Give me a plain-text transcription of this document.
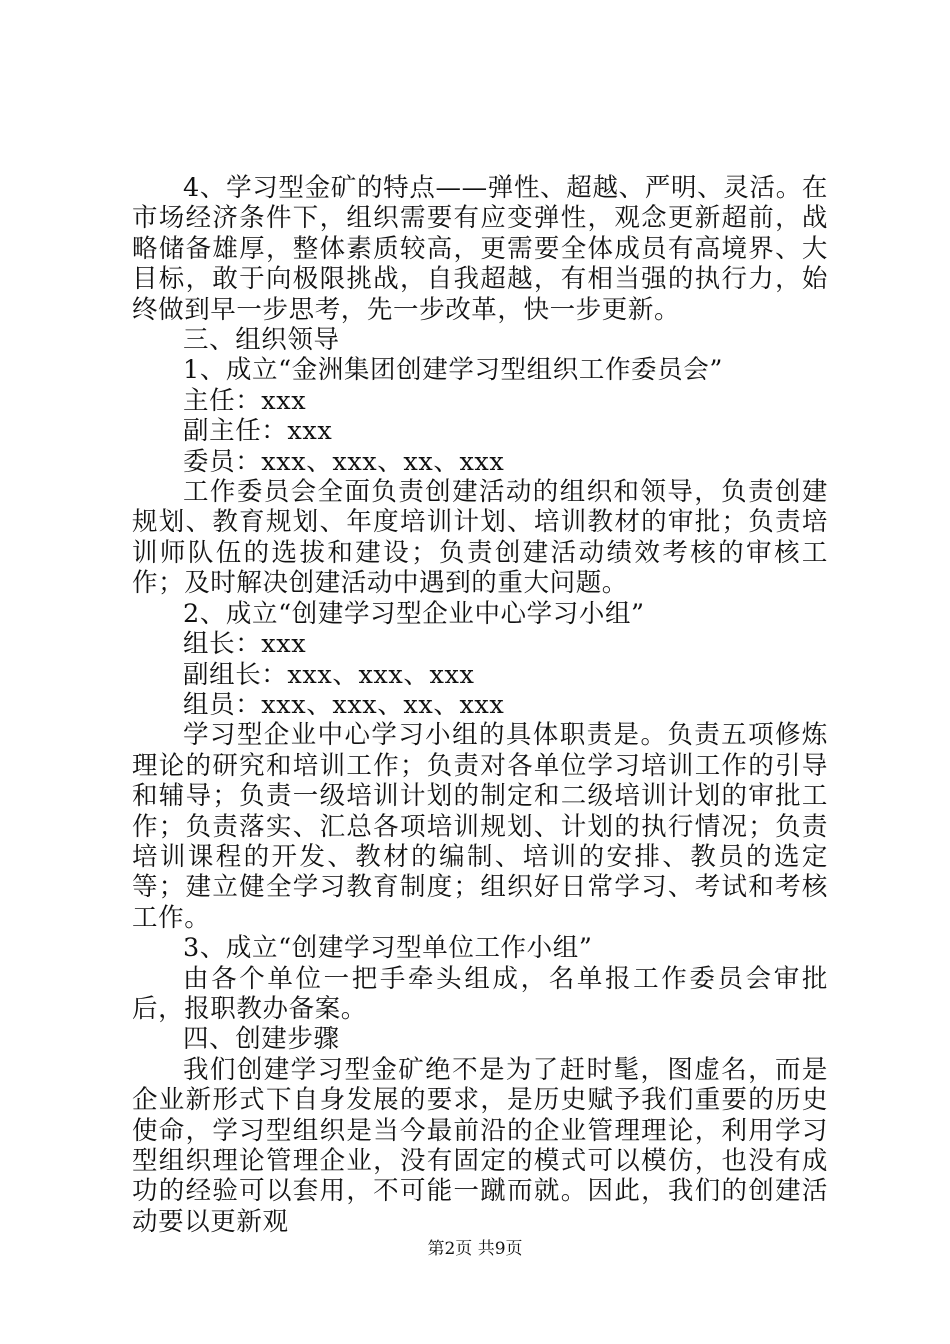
4、学习型金矿的特点——弹性、超越、严明、灵活。在市场经济条件下，组织需要有应变弹性，观念更新超前，战略储备雄厚，整体素质较高，更需要全体成员有高境界、大目标，敢于向极限挑战，自我超越，有相当强的执行力，始终做到早一步思考，先一步改革，快一步更新。

三、组织领导

1、成立“金洲集团创建学习型组织工作委员会”

主任：xxx

副主任：xxx

委员：xxx、xxx、xx、xxx

工作委员会全面负责创建活动的组织和领导，负责创建规划、教育规划、年度培训计划、培训教材的审批；负责培训师队伍的选拔和建设；负责创建活动绩效考核的审核工作；及时解决创建活动中遇到的重大问题。

2、成立“创建学习型企业中心学习小组”

组长：xxx

副组长：xxx、xxx、xxx

组员：xxx、xxx、xx、xxx

学习型企业中心学习小组的具体职责是。负责五项修炼理论的研究和培训工作；负责对各单位学习培训工作的引导和辅导；负责一级培训计划的制定和二级培训计划的审批工作；负责落实、汇总各项培训规划、计划的执行情况；负责培训课程的开发、教材的编制、培训的安排、教员的选定等；建立健全学习教育制度；组织好日常学习、考试和考核工作。

3、成立“创建学习型单位工作小组”

由各个单位一把手牵头组成，名单报工作委员会审批后，报职教办备案。

四、创建步骤

我们创建学习型金矿绝不是为了赶时髦，图虚名，而是企业新形式下自身发展的要求，是历史赋予我们重要的历史使命，学习型组织是当今最前沿的企业管理理论，利用学习型组织理论管理企业，没有固定的模式可以模仿，也没有成功的经验可以套用，不可能一蹴而就。因此，我们的创建活动要以更新观

第2页 共9页
